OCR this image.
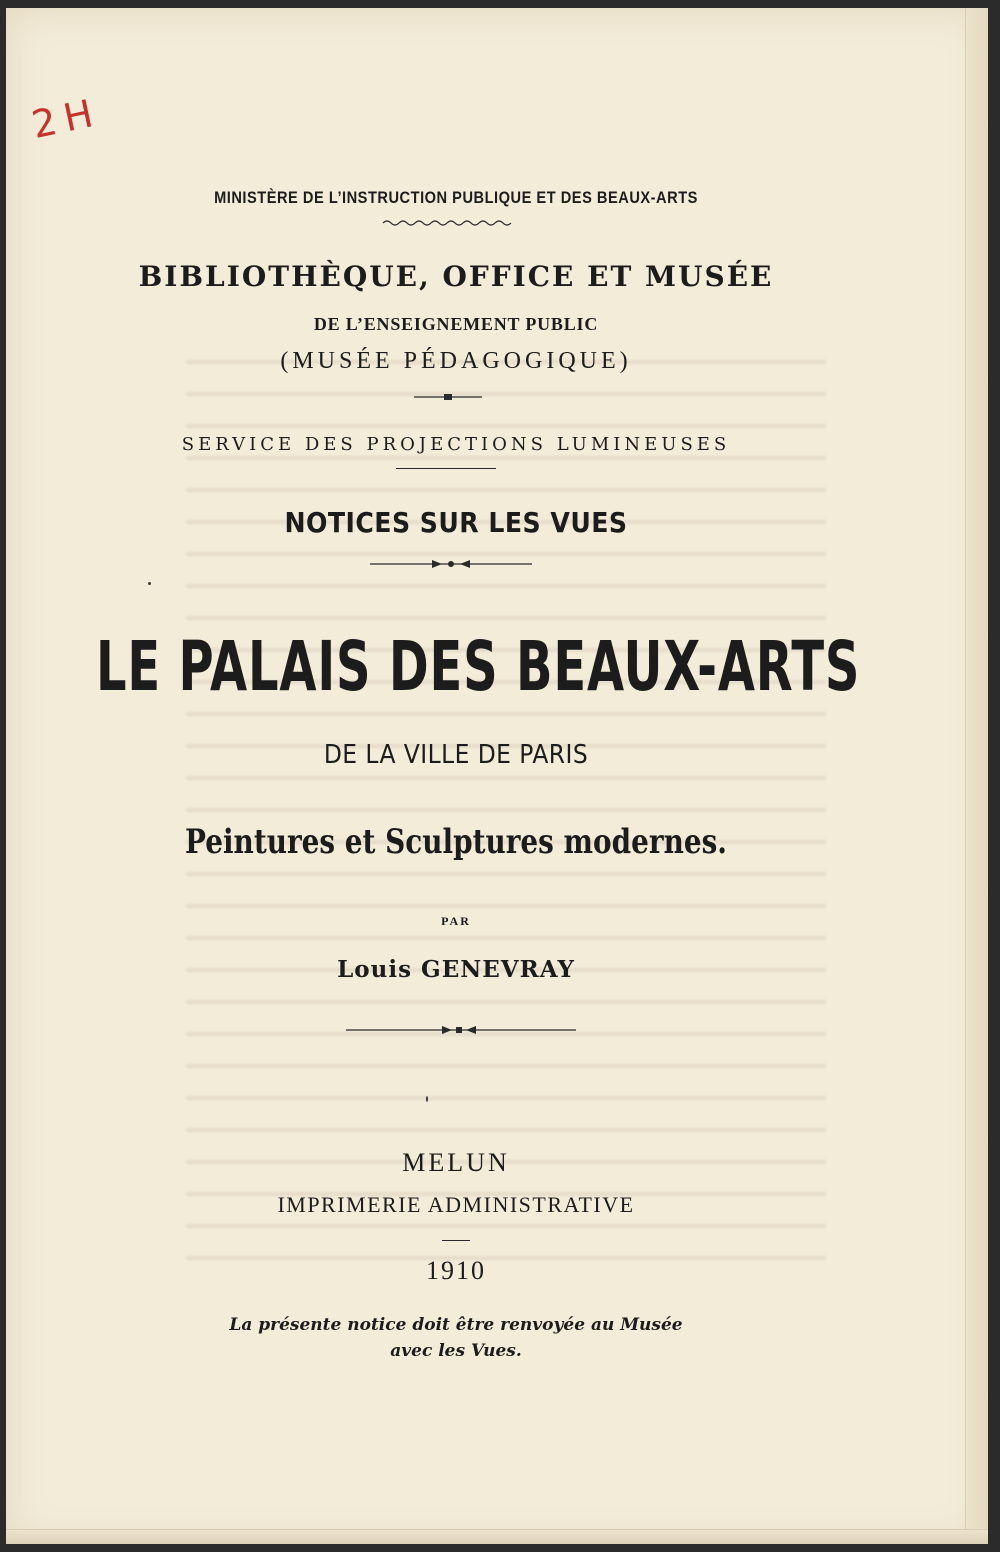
2 H
MINISTÈRE DE L’INSTRUCTION PUBLIQUE ET DES BEAUX-ARTS
BIBLIOTHÈQUE, OFFICE ET MUSÉE
DE L’ENSEIGNEMENT PUBLIC
(MUSÉE PÉDAGOGIQUE)
SERVICE DES PROJECTIONS LUMINEUSES
NOTICES SUR LES VUES
LE PALAIS DES BEAUX-ARTS
DE LA VILLE DE PARIS
Peintures et Sculptures modernes.
PAR
Louis GENEVRAY
MELUN
IMPRIMERIE ADMINISTRATIVE
1910
La présente notice doit être renvoyée au Musée
avec les Vues.
